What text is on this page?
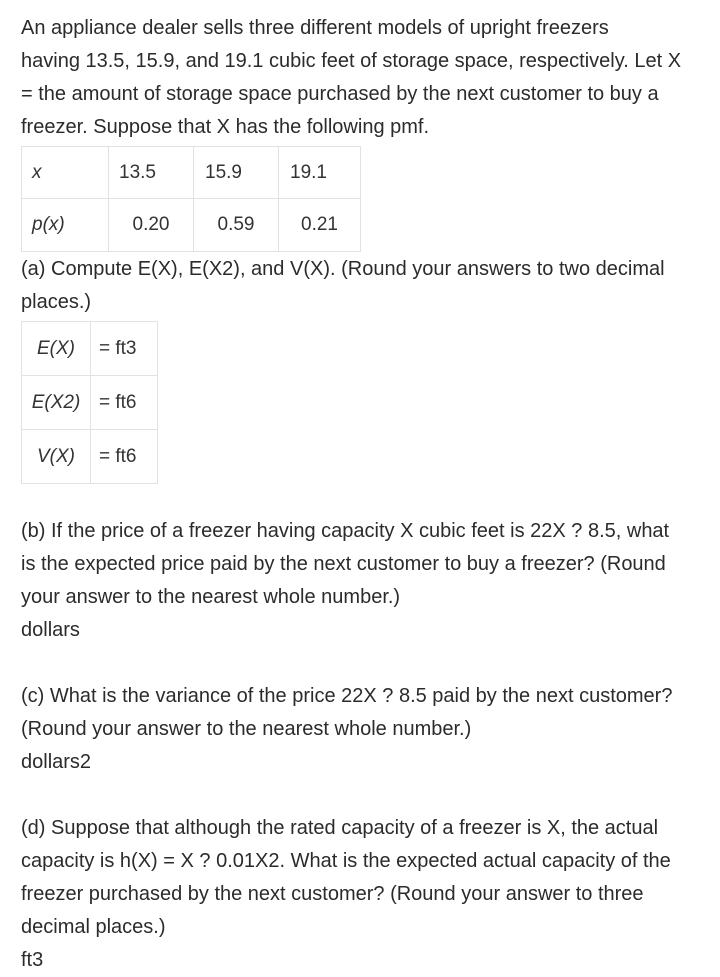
An appliance dealer sells three different models of upright freezers
having 13.5, 15.9, and 19.1 cubic feet of storage space, respectively. Let X
= the amount of storage space purchased by the next customer to buy a
freezer. Suppose that X has the following pmf.

x	13.5	15.9	19.1
p(x)	0.20	0.59	0.21

(a) Compute E(X), E(X2), and V(X). (Round your answers to two decimal
places.)

E(X)	= ft3
E(X2)	= ft6
V(X)	= ft6

(b) If the price of a freezer having capacity X cubic feet is 22X ? 8.5, what
is the expected price paid by the next customer to buy a freezer? (Round
your answer to the nearest whole number.)
dollars

(c) What is the variance of the price 22X ? 8.5 paid by the next customer?
(Round your answer to the nearest whole number.)
dollars2

(d) Suppose that although the rated capacity of a freezer is X, the actual
capacity is h(X) = X ? 0.01X2. What is the expected actual capacity of the
freezer purchased by the next customer? (Round your answer to three
decimal places.)
ft3
